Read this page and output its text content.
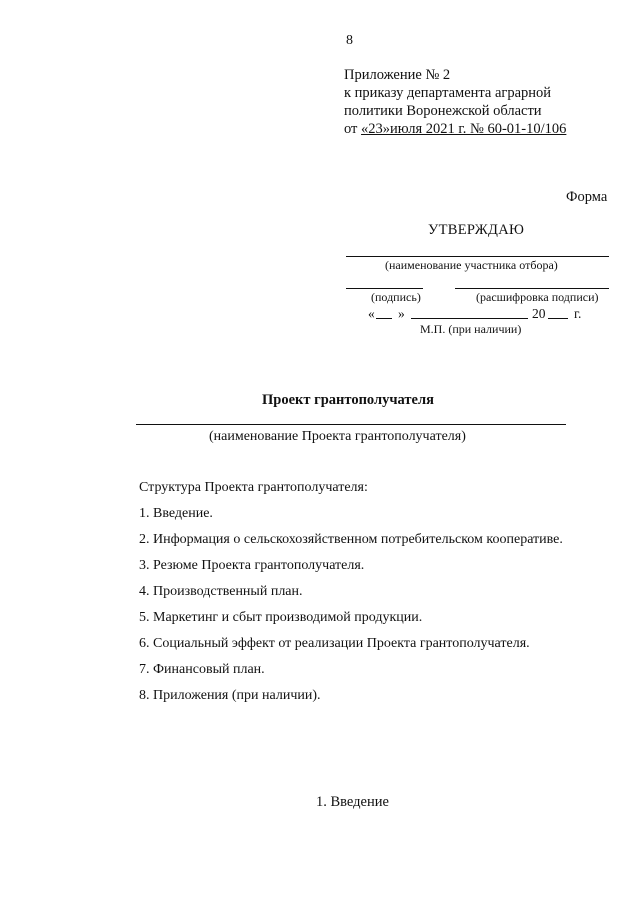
8
Приложение № 2
к приказу департамента аграрной
политики Воронежской области
от «23»июля 2021 г. № 60-01-10/106
Форма
УТВЕРЖДАЮ
(наименование участника отбора)
(подпись)	(расшифровка подписи)
« »	20 г.
М.П. (при наличии)
Проект грантополучателя
(наименование Проекта грантополучателя)
Структура Проекта грантополучателя:
1. Введение.
2. Информация о сельскохозяйственном потребительском кооперативе.
3. Резюме Проекта грантополучателя.
4. Производственный план.
5. Маркетинг и сбыт производимой продукции.
6. Социальный эффект от реализации Проекта грантополучателя.
7. Финансовый план.
8. Приложения (при наличии).
1. Введение
